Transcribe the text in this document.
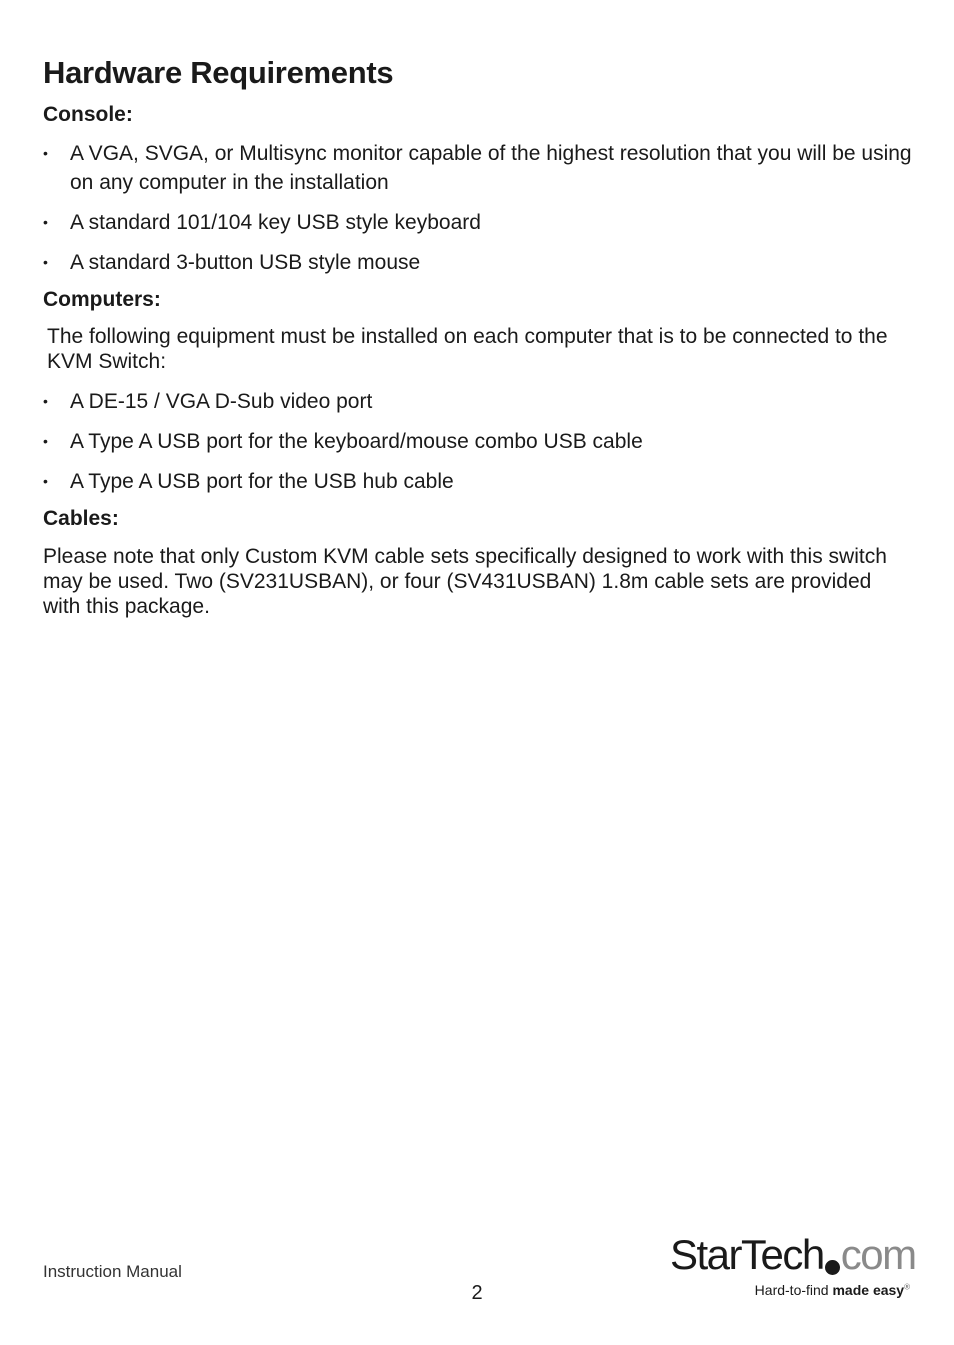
Hardware Requirements
Console:
• A VGA, SVGA, or Multisync monitor capable of the highest resolution that you will be using on any computer in the installation
• A standard 101/104 key USB style keyboard
• A standard 3-button USB style mouse
Computers:

The following equipment must be installed on each computer that is to be connected to the KVM Switch:

• A DE-15 / VGA D-Sub video port
• A Type A USB port for the keyboard/mouse combo USB cable
• A Type A USB port for the USB hub cable
Cables:

Please note that only Custom KVM cable sets specifically designed to work with this switch may be used. Two (SV231USBAN), or four (SV431USBAN) 1.8m cable sets are provided with this package.

Instruction Manual
2
StarTech com
Hard-to-find made easy®
